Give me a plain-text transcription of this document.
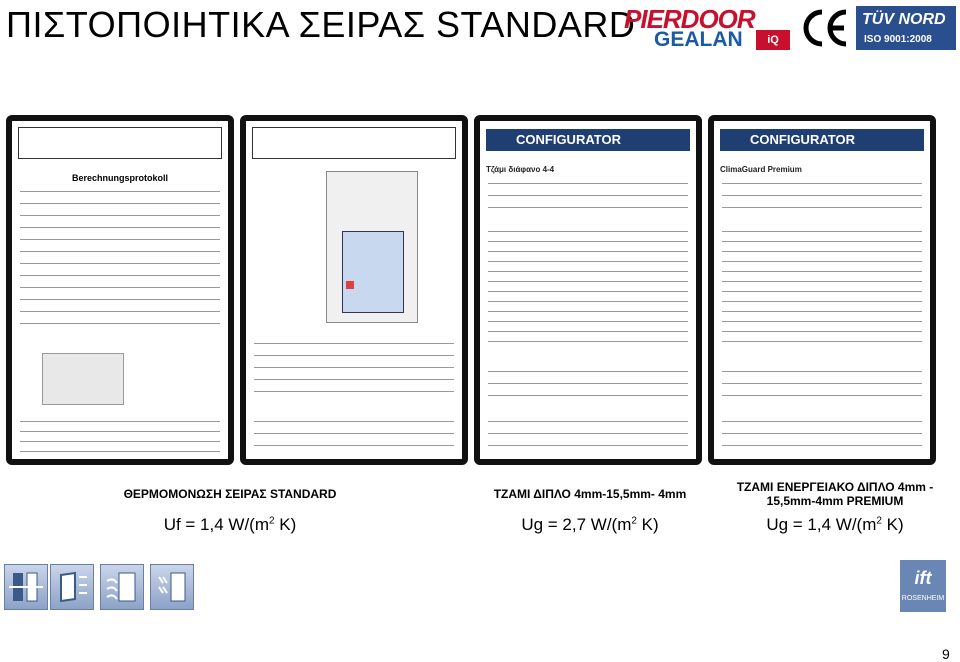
ΠΙΣΤΟΠΟΙΗΤΙΚΑ ΣΕΙΡΑΣ STANDARD
PIERDOOR
GEALAN	iQ
TÜV NORD
ISO 9001:2008
Berechnungsprotokoll
CONFIGURATOR
Τζάμι διάφανο 4-4
CONFIGURATOR
ClimaGuard Premium
ΘΕΡΜΟΜΟΝΩΣΗ ΣΕΙΡΑΣ STANDARD	ΤΖΑΜΙ ΔΙΠΛΟ 4mm-15,5mm- 4mm	ΤΖΑΜΙ ΕΝΕΡΓΕΙΑΚΟ ΔΙΠΛΟ 4mm - 15,5mm-4mm PREMIUM
Uf = 1,4 $W/(m^2$ K)	Ug = 2,7 $W/(m^2$ K)	Ug = 1,4 $W/(m^2$ K)
ift
ROSENHEIM
9
